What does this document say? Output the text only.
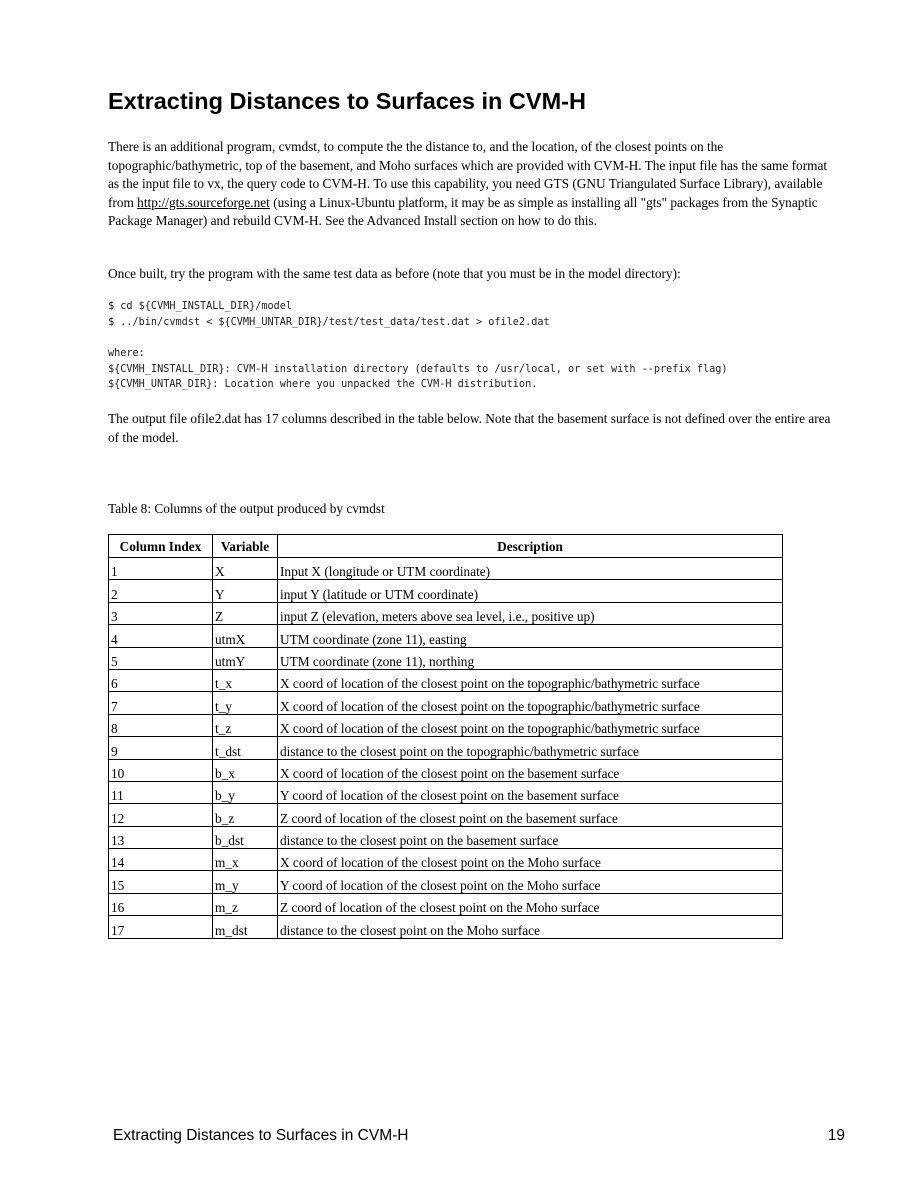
Extracting Distances to Surfaces in CVM-H

There is an additional program, cvmdst, to compute the the distance to, and the location, of the closest points on the topographic/bathymetric, top of the basement, and Moho surfaces which are provided with CVM-H. The input file has the same format as the input file to vx, the query code to CVM-H. To use this capability, you need GTS (GNU Triangulated Surface Library), available from http://gts.sourceforge.net (using a Linux-Ubuntu platform, it may be as simple as installing all "gts" packages from the Synaptic Package Manager) and rebuild CVM-H. See the Advanced Install section on how to do this.

Once built, try the program with the same test data as before (note that you must be in the model directory):

$ cd ${CVMH_INSTALL_DIR}/model
$ ../bin/cvmdst < ${CVMH_UNTAR_DIR}/test/test_data/test.dat > ofile2.dat
where:
${CVMH_INSTALL_DIR}: CVM-H installation directory (defaults to /usr/local, or set with --prefix flag)
${CVMH_UNTAR_DIR}: Location where you unpacked the CVM-H distribution.

The output file ofile2.dat has 17 columns described in the table below. Note that the basement surface is not defined over the entire area of the model.

Table 8: Columns of the output produced by cvmdst
Column Index	Variable	Description
1	X	Input X (longitude or UTM coordinate)
2	Y	input Y (latitude or UTM coordinate)
3	Z	input Z (elevation, meters above sea level, i.e., positive up)
4	utmX	UTM coordinate (zone 11), easting
5	utmY	UTM coordinate (zone 11), northing
6	t_x	X coord of location of the closest point on the topographic/bathymetric surface
7	t_y	X coord of location of the closest point on the topographic/bathymetric surface
8	t_z	X coord of location of the closest point on the topographic/bathymetric surface
9	t_dst	distance to the closest point on the topographic/bathymetric surface
10	b_x	X coord of location of the closest point on the basement surface
11	b_y	Y coord of location of the closest point on the basement surface
12	b_z	Z coord of location of the closest point on the basement surface
13	b_dst	distance to the closest point on the basement surface
14	m_x	X coord of location of the closest point on the Moho surface
15	m_y	Y coord of location of the closest point on the Moho surface
16	m_z	Z coord of location of the closest point on the Moho surface
17	m_dst	distance to the closest point on the Moho surface
Extracting Distances to Surfaces in CVM-H	19
